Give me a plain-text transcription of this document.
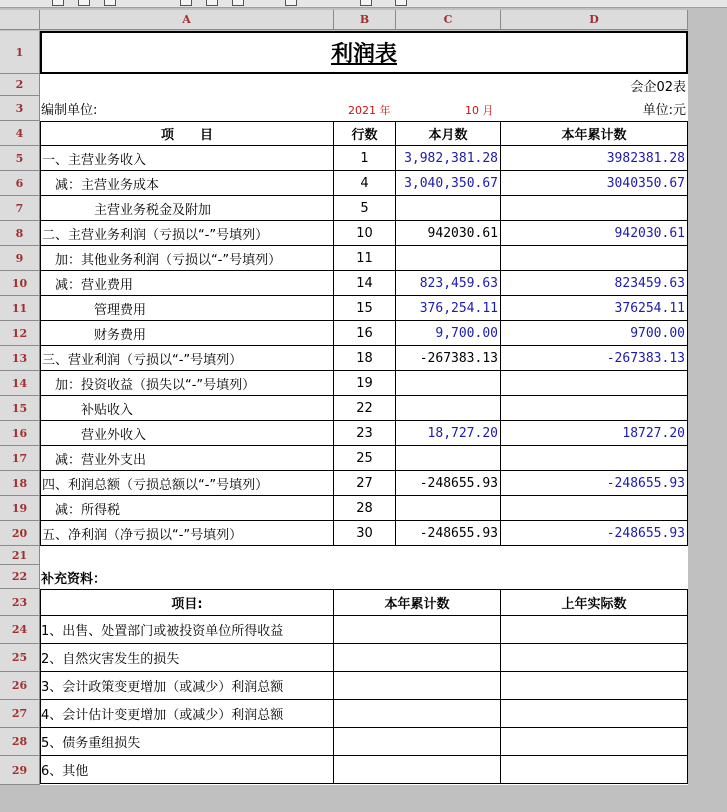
A	B	C	D
1
2
3
4
5
6
7
8
9
10
11
12
13
14
15
16
17
18
19
20
21
22
23
24
25
26
27
28
29
利润表
会企02表
编制单位:	2021 年	10 月	单位:元
项　　目	行数	本月数	本年累计数
一、主营业务收入	1	3,982,381.28	3982381.28
　减：主营业务成本	4	3,040,350.67	3040350.67
　　　　主营业务税金及附加	5
二、主营业务利润（亏损以“-”号填列）	10	942030.61	942030.61
　加：其他业务利润（亏损以“-”号填列）	11
　减：营业费用	14	823,459.63	823459.63
　　　　管理费用	15	376,254.11	376254.11
　　　　财务费用	16	9,700.00	9700.00
三、营业利润（亏损以“-”号填列）	18	-267383.13	-267383.13
　加：投资收益（损失以“-”号填列）	19
　　　补贴收入	22
　　　营业外收入	23	18,727.20	18727.20
　减：营业外支出	25
四、利润总额（亏损总额以“-”号填列）	27	-248655.93	-248655.93
　减：所得税	28
五、净利润（净亏损以“-”号填列）	30	-248655.93	-248655.93
补充资料：
项目:	本年累计数	上年实际数
1、出售、处置部门或被投资单位所得收益
2、自然灾害发生的损失
3、会计政策变更增加（或减少）利润总额
4、会计估计变更增加（或减少）利润总额
5、债务重组损失
6、其他
